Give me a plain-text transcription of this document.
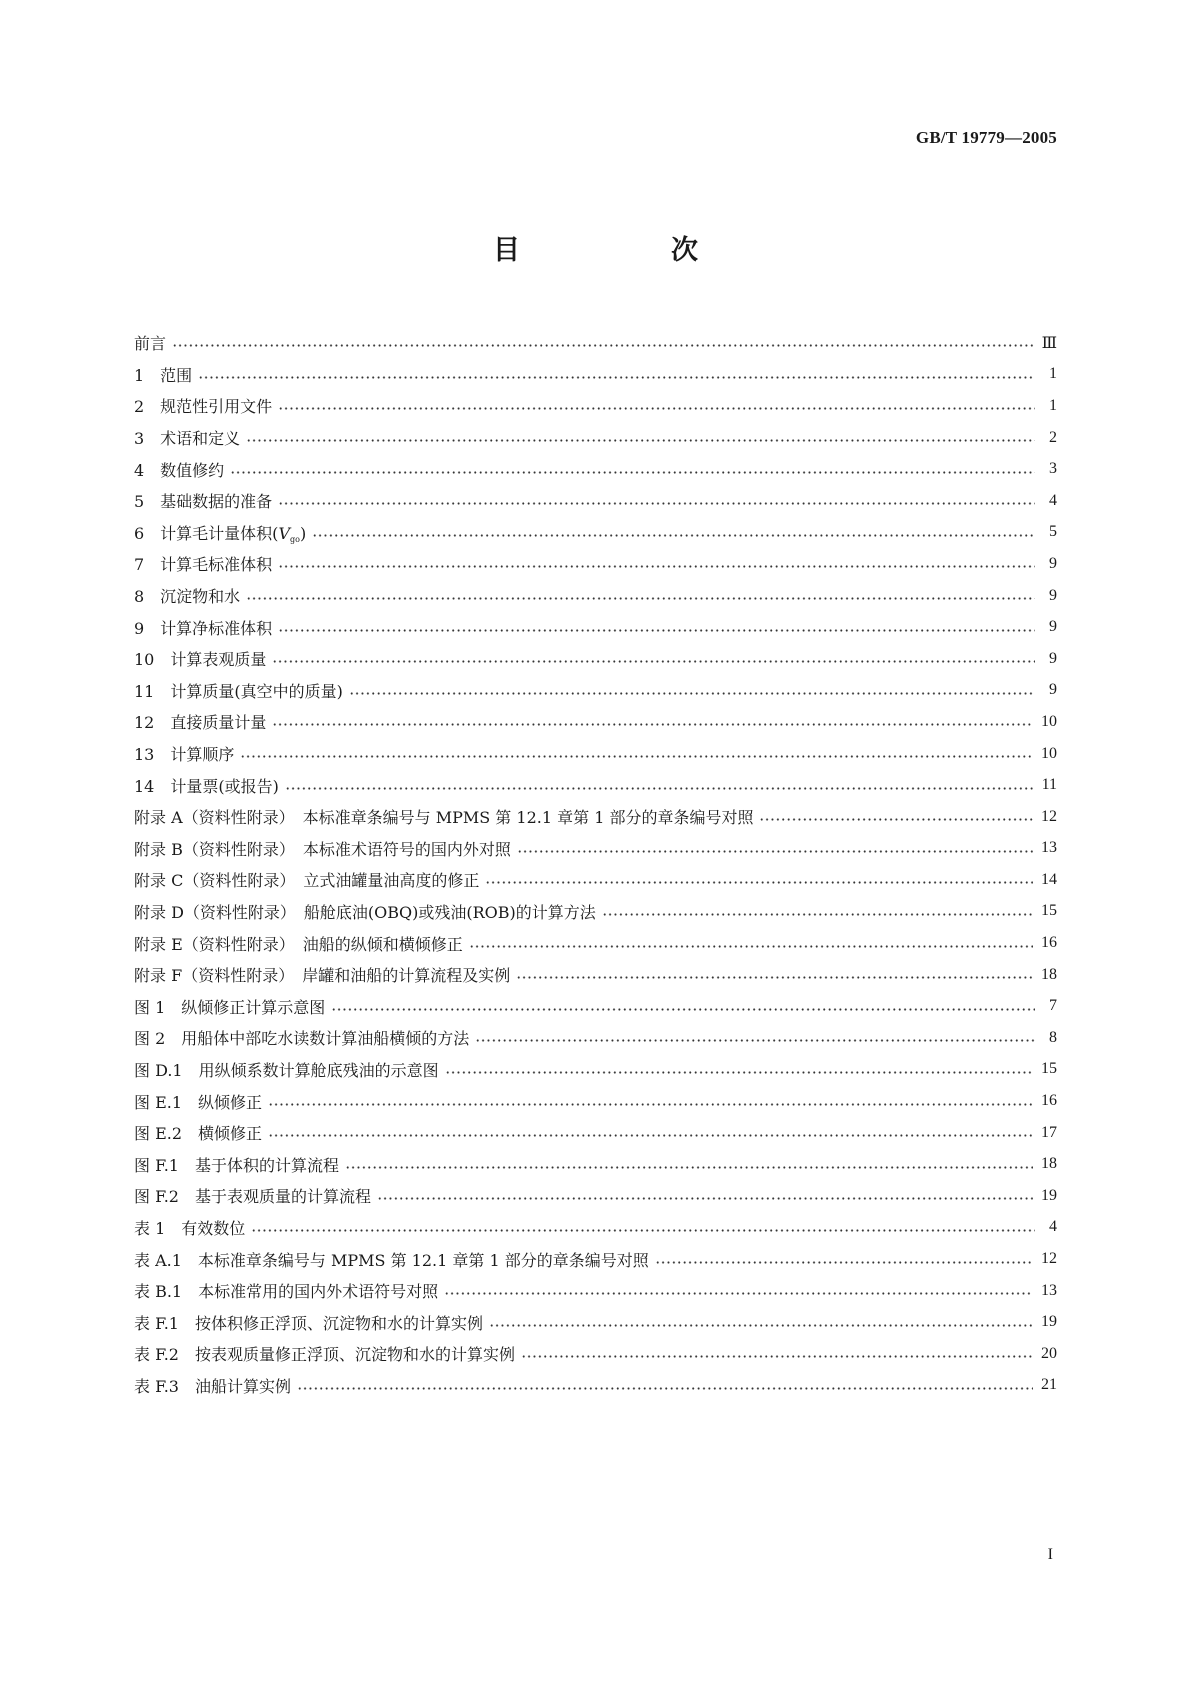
GB/T 19779—2005
目　次
前言	Ⅲ
1　范围	1
2　规范性引用文件	1
3　术语和定义	2
4　数值修约	3
5　基础数据的准备	4
6　计算毛计量体积$(V_{go})$	5
7　计算毛标准体积	9
8　沉淀物和水	9
9　计算净标准体积	9
10　计算表观质量	9
11　计算质量(真空中的质量)	9
12　直接质量计量	10
13　计算顺序	10
14　计量票(或报告)	11
附录 A（资料性附录）　本标准章条编号与 MPMS 第 12.1 章第 1 部分的章条编号对照	12
附录 B（资料性附录）　本标准术语符号的国内外对照	13
附录 C（资料性附录）　立式油罐量油高度的修正	14
附录 D（资料性附录）　船舱底油(OBQ)或残油(ROB)的计算方法	15
附录 E（资料性附录）　油船的纵倾和横倾修正	16
附录 F（资料性附录）　岸罐和油船的计算流程及实例	18
图 1　纵倾修正计算示意图	7
图 2　用船体中部吃水读数计算油船横倾的方法	8
图 D.1　用纵倾系数计算舱底残油的示意图	15
图 E.1　纵倾修正	16
图 E.2　横倾修正	17
图 F.1　基于体积的计算流程	18
图 F.2　基于表观质量的计算流程	19
表 1　有效数位	4
表 A.1　本标准章条编号与 MPMS 第 12.1 章第 1 部分的章条编号对照	12
表 B.1　本标准常用的国内外术语符号对照	13
表 F.1　按体积修正浮顶、沉淀物和水的计算实例	19
表 F.2　按表观质量修正浮顶、沉淀物和水的计算实例	20
表 F.3　油船计算实例	21
I
